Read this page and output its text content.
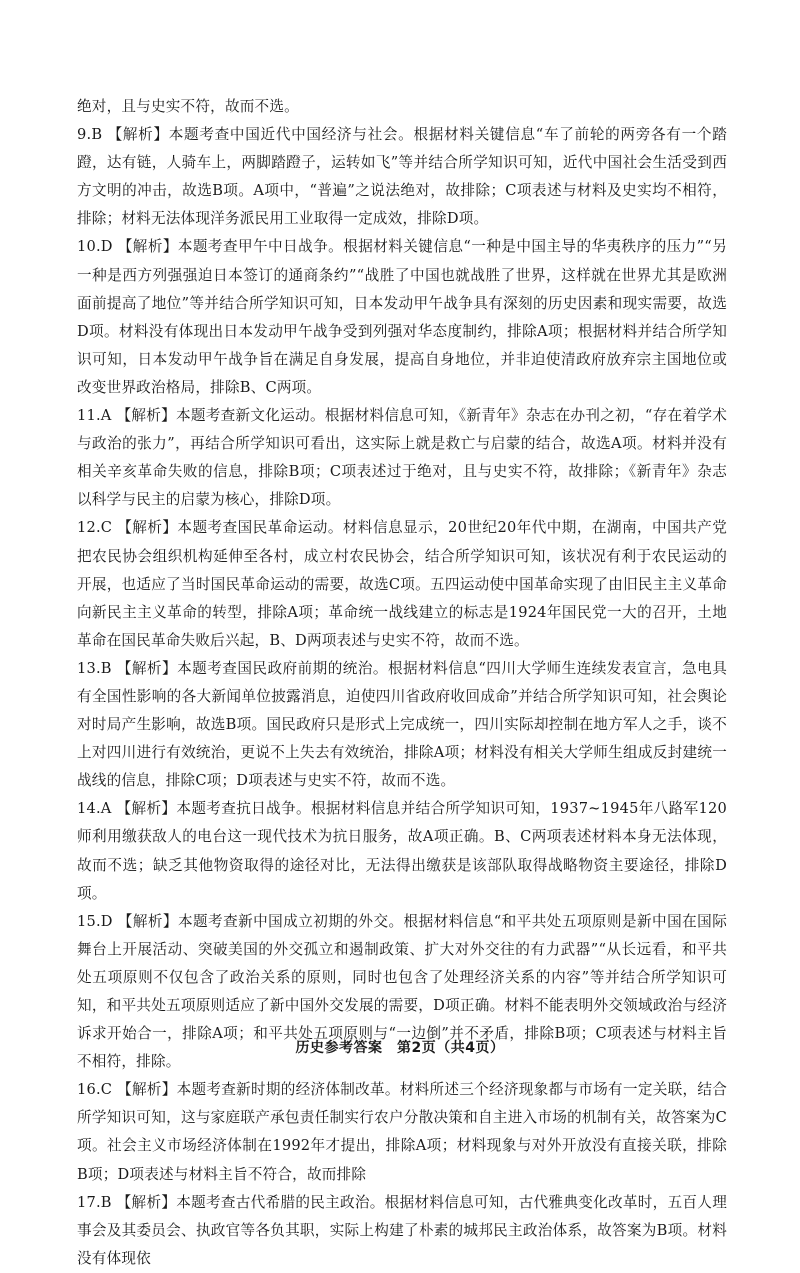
绝对，且与史实不符，故而不选。

9.B 【解析】本题考查中国近代中国经济与社会。根据材料关键信息“车了前轮的两旁各有一个踏蹬，达有链，人骑车上，两脚踏蹬子，运转如飞”等并结合所学知识可知，近代中国社会生活受到西方文明的冲击，故选B项。A项中，“普遍”之说法绝对，故排除；C项表述与材料及史实均不相符，排除；材料无法体现洋务派民用工业取得一定成效，排除D项。

10.D 【解析】本题考查甲午中日战争。根据材料关键信息“一种是中国主导的华夷秩序的压力”“另一种是西方列强强迫日本签订的通商条约”“战胜了中国也就战胜了世界，这样就在世界尤其是欧洲面前提高了地位”等并结合所学知识可知，日本发动甲午战争具有深刻的历史因素和现实需要，故选D项。材料没有体现出日本发动甲午战争受到列强对华态度制约，排除A项；根据材料并结合所学知识可知，日本发动甲午战争旨在满足自身发展，提高自身地位，并非迫使清政府放弃宗主国地位或改变世界政治格局，排除B、C两项。

11.A 【解析】本题考查新文化运动。根据材料信息可知，《新青年》杂志在办刊之初，“存在着学术与政治的张力”，再结合所学知识可看出，这实际上就是救亡与启蒙的结合，故选A项。材料并没有相关辛亥革命失败的信息，排除B项；C项表述过于绝对，且与史实不符，故排除；《新青年》杂志以科学与民主的启蒙为核心，排除D项。

12.C 【解析】本题考查国民革命运动。材料信息显示，20世纪20年代中期，在湖南，中国共产党把农民协会组织机构延伸至各村，成立村农民协会，结合所学知识可知，该状况有利于农民运动的开展，也适应了当时国民革命运动的需要，故选C项。五四运动使中国革命实现了由旧民主主义革命向新民主主义革命的转型，排除A项；革命统一战线建立的标志是1924年国民党一大的召开，土地革命在国民革命失败后兴起，B、D两项表述与史实不符，故而不选。

13.B 【解析】本题考查国民政府前期的统治。根据材料信息“四川大学师生连续发表宣言，急电具有全国性影响的各大新闻单位披露消息，迫使四川省政府收回成命”并结合所学知识可知，社会舆论对时局产生影响，故选B项。国民政府只是形式上完成统一，四川实际却控制在地方军人之手，谈不上对四川进行有效统治，更说不上失去有效统治，排除A项；材料没有相关大学师生组成反封建统一战线的信息，排除C项；D项表述与史实不符，故而不选。

14.A 【解析】本题考查抗日战争。根据材料信息并结合所学知识可知，1937~1945年八路军120师利用缴获敌人的电台这一现代技术为抗日服务，故A项正确。B、C两项表述材料本身无法体现，故而不选；缺乏其他物资取得的途径对比，无法得出缴获是该部队取得战略物资主要途径，排除D项。

15.D 【解析】本题考查新中国成立初期的外交。根据材料信息“和平共处五项原则是新中国在国际舞台上开展活动、突破美国的外交孤立和遏制政策、扩大对外交往的有力武器”“从长远看，和平共处五项原则不仅包含了政治关系的原则，同时也包含了处理经济关系的内容”等并结合所学知识可知，和平共处五项原则适应了新中国外交发展的需要，D项正确。材料不能表明外交领域政治与经济诉求开始合一，排除A项；和平共处五项原则与“一边倒”并不矛盾，排除B项；C项表述与材料主旨不相符，排除。

16.C 【解析】本题考查新时期的经济体制改革。材料所述三个经济现象都与市场有一定关联，结合所学知识可知，这与家庭联产承包责任制实行农户分散决策和自主进入市场的机制有关，故答案为C项。社会主义市场经济体制在1992年才提出，排除A项；材料现象与对外开放没有直接关联，排除B项；D项表述与材料主旨不符合，故而排除

17.B 【解析】本题考查古代希腊的民主政治。根据材料信息可知，古代雅典变化改革时，五百人理事会及其委员会、执政官等各负其职，实际上构建了朴素的城邦民主政治体系，故答案为B项。材料没有体现依

历史参考答案　第2页（共4页）
